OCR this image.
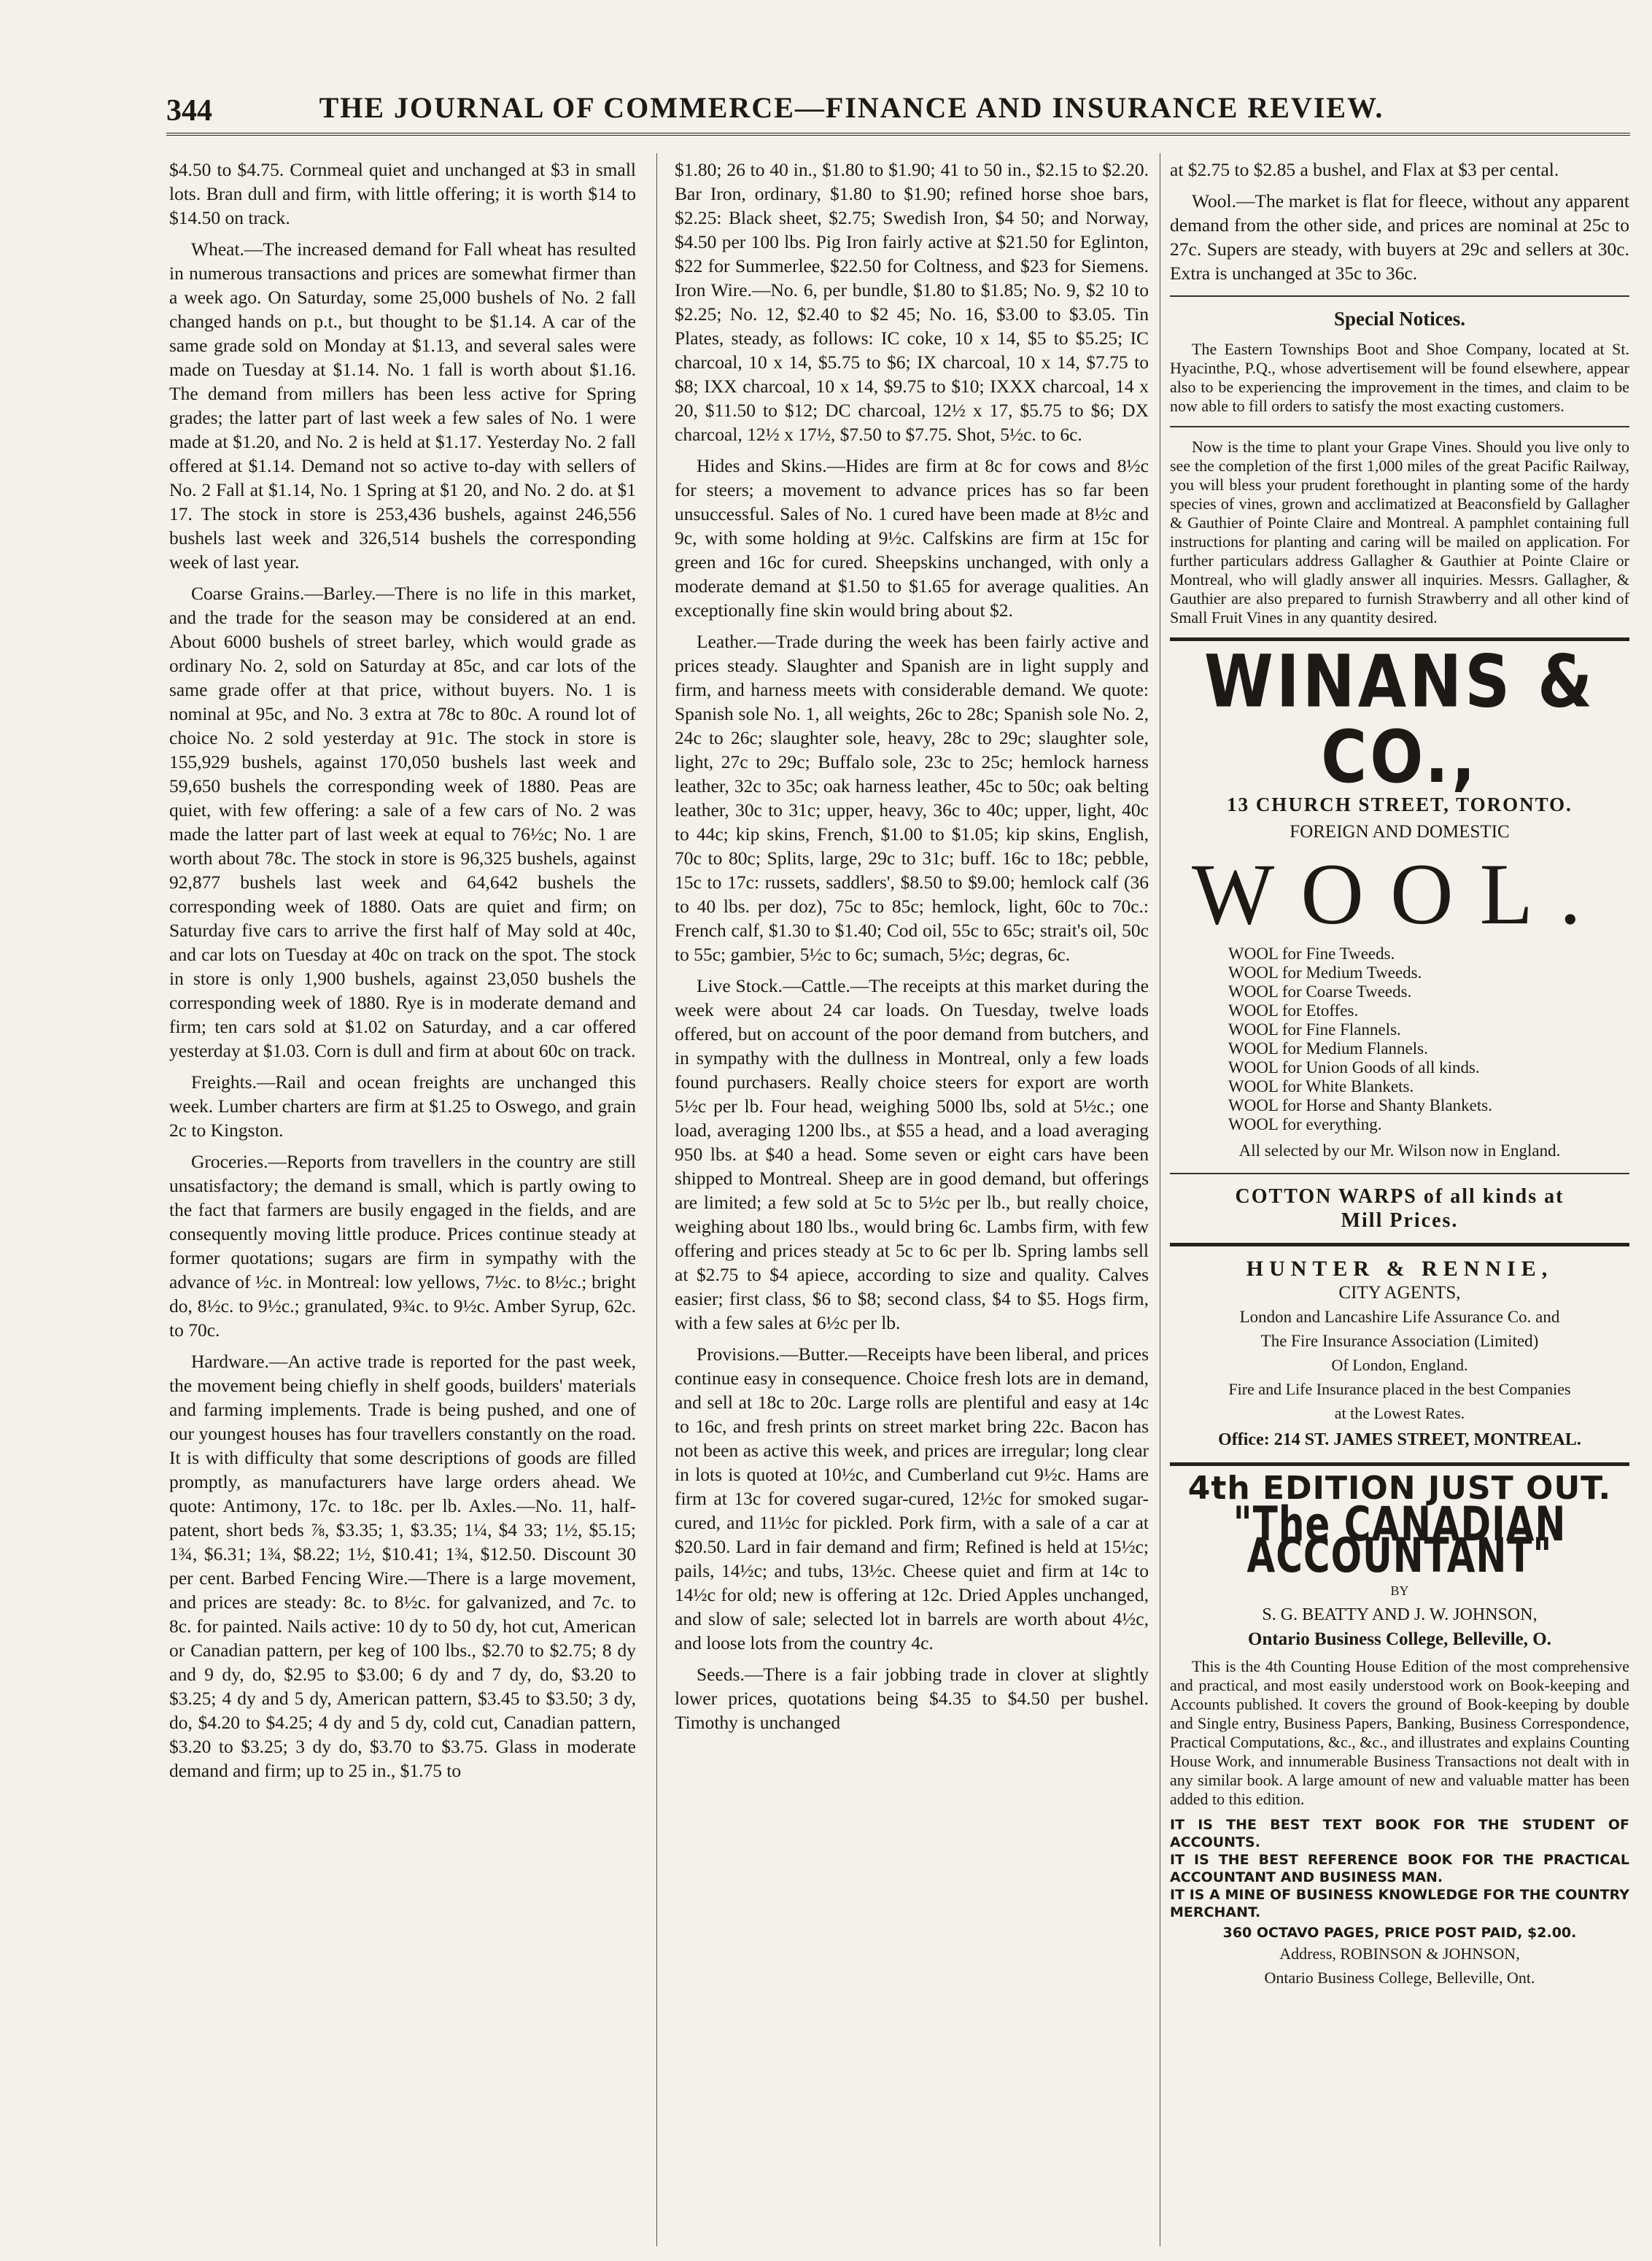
344	THE JOURNAL OF COMMERCE—FINANCE AND INSURANCE REVIEW.

$4.50 to $4.75. Cornmeal quiet and unchanged at $3 in small lots. Bran dull and firm, with little offering; it is worth $14 to $14.50 on track.

Wheat.—The increased demand for Fall wheat has resulted in numerous transactions and prices are somewhat firmer than a week ago. On Saturday, some 25,000 bushels of No. 2 fall changed hands on p.t., but thought to be $1.14. A car of the same grade sold on Monday at $1.13, and several sales were made on Tuesday at $1.14. No. 1 fall is worth about $1.16. The demand from millers has been less active for Spring grades; the latter part of last week a few sales of No. 1 were made at $1.20, and No. 2 is held at $1.17. Yesterday No. 2 fall offered at $1.14. Demand not so active to-day with sellers of No. 2 Fall at $1.14, No. 1 Spring at $1 20, and No. 2 do. at $1 17. The stock in store is 253,436 bushels, against 246,556 bushels last week and 326,514 bushels the corresponding week of last year.

Coarse Grains.—Barley.—There is no life in this market, and the trade for the season may be considered at an end. About 6000 bushels of street barley, which would grade as ordinary No. 2, sold on Saturday at 85c, and car lots of the same grade offer at that price, without buyers. No. 1 is nominal at 95c, and No. 3 extra at 78c to 80c. A round lot of choice No. 2 sold yesterday at 91c. The stock in store is 155,929 bushels, against 170,050 bushels last week and 59,650 bushels the corresponding week of 1880. Peas are quiet, with few offering: a sale of a few cars of No. 2 was made the latter part of last week at equal to 76½c; No. 1 are worth about 78c. The stock in store is 96,325 bushels, against 92,877 bushels last week and 64,642 bushels the corresponding week of 1880. Oats are quiet and firm; on Saturday five cars to arrive the first half of May sold at 40c, and car lots on Tuesday at 40c on track on the spot. The stock in store is only 1,900 bushels, against 23,050 bushels the corresponding week of 1880. Rye is in moderate demand and firm; ten cars sold at $1.02 on Saturday, and a car offered yesterday at $1.03. Corn is dull and firm at about 60c on track.

Freights.—Rail and ocean freights are unchanged this week. Lumber charters are firm at $1.25 to Oswego, and grain 2c to Kingston.

Groceries.—Reports from travellers in the country are still unsatisfactory; the demand is small, which is partly owing to the fact that farmers are busily engaged in the fields, and are consequently moving little produce. Prices continue steady at former quotations; sugars are firm in sympathy with the advance of ½c. in Montreal: low yellows, 7½c. to 8½c.; bright do, 8½c. to 9½c.; granulated, 9¾c. to 9½c. Amber Syrup, 62c. to 70c.

Hardware.—An active trade is reported for the past week, the movement being chiefly in shelf goods, builders' materials and farming implements. Trade is being pushed, and one of our youngest houses has four travellers constantly on the road. It is with difficulty that some descriptions of goods are filled promptly, as manufacturers have large orders ahead. We quote: Antimony, 17c. to 18c. per lb. Axles.—No. 11, half-patent, short beds ⅞, $3.35; 1, $3.35; 1¼, $4 33; 1½, $5.15; 1¾, $6.31; 1¾, $8.22; 1½, $10.41; 1¾, $12.50. Discount 30 per cent. Barbed Fencing Wire.—There is a large movement, and prices are steady: 8c. to 8½c. for galvanized, and 7c. to 8c. for painted. Nails active: 10 dy to 50 dy, hot cut, American or Canadian pattern, per keg of 100 lbs., $2.70 to $2.75; 8 dy and 9 dy, do, $2.95 to $3.00; 6 dy and 7 dy, do, $3.20 to $3.25; 4 dy and 5 dy, American pattern, $3.45 to $3.50; 3 dy, do, $4.20 to $4.25; 4 dy and 5 dy, cold cut, Canadian pattern, $3.20 to $3.25; 3 dy do, $3.70 to $3.75. Glass in moderate demand and firm; up to 25 in., $1.75 to

$1.80; 26 to 40 in., $1.80 to $1.90; 41 to 50 in., $2.15 to $2.20. Bar Iron, ordinary, $1.80 to $1.90; refined horse shoe bars, $2.25: Black sheet, $2.75; Swedish Iron, $4 50; and Norway, $4.50 per 100 lbs. Pig Iron fairly active at $21.50 for Eglinton, $22 for Summerlee, $22.50 for Coltness, and $23 for Siemens. Iron Wire.—No. 6, per bundle, $1.80 to $1.85; No. 9, $2 10 to $2.25; No. 12, $2.40 to $2 45; No. 16, $3.00 to $3.05. Tin Plates, steady, as follows: IC coke, 10 x 14, $5 to $5.25; IC charcoal, 10 x 14, $5.75 to $6; IX charcoal, 10 x 14, $7.75 to $8; IXX charcoal, 10 x 14, $9.75 to $10; IXXX charcoal, 14 x 20, $11.50 to $12; DC charcoal, 12½ x 17, $5.75 to $6; DX charcoal, 12½ x 17½, $7.50 to $7.75. Shot, 5½c. to 6c.

Hides and Skins.—Hides are firm at 8c for cows and 8½c for steers; a movement to advance prices has so far been unsuccessful. Sales of No. 1 cured have been made at 8½c and 9c, with some holding at 9½c. Calfskins are firm at 15c for green and 16c for cured. Sheepskins unchanged, with only a moderate demand at $1.50 to $1.65 for average qualities. An exceptionally fine skin would bring about $2.

Leather.—Trade during the week has been fairly active and prices steady. Slaughter and Spanish are in light supply and firm, and harness meets with considerable demand. We quote: Spanish sole No. 1, all weights, 26c to 28c; Spanish sole No. 2, 24c to 26c; slaughter sole, heavy, 28c to 29c; slaughter sole, light, 27c to 29c; Buffalo sole, 23c to 25c; hemlock harness leather, 32c to 35c; oak harness leather, 45c to 50c; oak belting leather, 30c to 31c; upper, heavy, 36c to 40c; upper, light, 40c to 44c; kip skins, French, $1.00 to $1.05; kip skins, English, 70c to 80c; Splits, large, 29c to 31c; buff. 16c to 18c; pebble, 15c to 17c: russets, saddlers', $8.50 to $9.00; hemlock calf (36 to 40 lbs. per doz), 75c to 85c; hemlock, light, 60c to 70c.: French calf, $1.30 to $1.40; Cod oil, 55c to 65c; strait's oil, 50c to 55c; gambier, 5½c to 6c; sumach, 5½c; degras, 6c.

Live Stock.—Cattle.—The receipts at this market during the week were about 24 car loads. On Tuesday, twelve loads offered, but on account of the poor demand from butchers, and in sympathy with the dullness in Montreal, only a few loads found purchasers. Really choice steers for export are worth 5½c per lb. Four head, weighing 5000 lbs, sold at 5½c.; one load, averaging 1200 lbs., at $55 a head, and a load averaging 950 lbs. at $40 a head. Some seven or eight cars have been shipped to Montreal. Sheep are in good demand, but offerings are limited; a few sold at 5c to 5½c per lb., but really choice, weighing about 180 lbs., would bring 6c. Lambs firm, with few offering and prices steady at 5c to 6c per lb. Spring lambs sell at $2.75 to $4 apiece, according to size and quality. Calves easier; first class, $6 to $8; second class, $4 to $5. Hogs firm, with a few sales at 6½c per lb.

Provisions.—Butter.—Receipts have been liberal, and prices continue easy in consequence. Choice fresh lots are in demand, and sell at 18c to 20c. Large rolls are plentiful and easy at 14c to 16c, and fresh prints on street market bring 22c. Bacon has not been as active this week, and prices are irregular; long clear in lots is quoted at 10½c, and Cumberland cut 9½c. Hams are firm at 13c for covered sugar-cured, 12½c for smoked sugar-cured, and 11½c for pickled. Pork firm, with a sale of a car at $20.50. Lard in fair demand and firm; Refined is held at 15½c; pails, 14½c; and tubs, 13½c. Cheese quiet and firm at 14c to 14½c for old; new is offering at 12c. Dried Apples unchanged, and slow of sale; selected lot in barrels are worth about 4½c, and loose lots from the country 4c.

Seeds.—There is a fair jobbing trade in clover at slightly lower prices, quotations being $4.35 to $4.50 per bushel. Timothy is unchanged

at $2.75 to $2.85 a bushel, and Flax at $3 per cental.

Wool.—The market is flat for fleece, without any apparent demand from the other side, and prices are nominal at 25c to 27c. Supers are steady, with buyers at 29c and sellers at 30c. Extra is unchanged at 35c to 36c.

Special Notices.

The Eastern Townships Boot and Shoe Company, located at St. Hyacinthe, P.Q., whose advertisement will be found elsewhere, appear also to be experiencing the improvement in the times, and claim to be now able to fill orders to satisfy the most exacting customers.

Now is the time to plant your Grape Vines. Should you live only to see the completion of the first 1,000 miles of the great Pacific Railway, you will bless your prudent forethought in planting some of the hardy species of vines, grown and acclimatized at Beaconsfield by Gallagher & Gauthier of Pointe Claire and Montreal. A pamphlet containing full instructions for planting and caring will be mailed on application. For further particulars address Gallagher & Gauthier at Pointe Claire or Montreal, who will gladly answer all inquiries. Messrs. Gallagher, & Gauthier are also prepared to furnish Strawberry and all other kind of Small Fruit Vines in any quantity desired.

WINANS & CO.,
13 CHURCH STREET, TORONTO.
FOREIGN AND DOMESTIC
WOOL.
WOOL for Fine Tweeds.
WOOL for Medium Tweeds.
WOOL for Coarse Tweeds.
WOOL for Etoffes.
WOOL for Fine Flannels.
WOOL for Medium Flannels.
WOOL for Union Goods of all kinds.
WOOL for White Blankets.
WOOL for Horse and Shanty Blankets.
WOOL for everything.
All selected by our Mr. Wilson now in England.
COTTON WARPS of all kinds at
Mill Prices.
HUNTER & RENNIE,
CITY AGENTS,
London and Lancashire Life Assurance Co. and
The Fire Insurance Association (Limited)
Of London, England.
Fire and Life Insurance placed in the best Companies
at the Lowest Rates.
Office: 214 ST. JAMES STREET, MONTREAL.
4th EDITION JUST OUT.
"The CANADIAN ACCOUNTANT"
BY
S. G. BEATTY AND J. W. JOHNSON,
Ontario Business College, Belleville, O.

This is the 4th Counting House Edition of the most comprehensive and practical, and most easily understood work on Book-keeping and Accounts published. It covers the ground of Book-keeping by double and Single entry, Business Papers, Banking, Business Correspondence, Practical Computations, &c., &c., and illustrates and explains Counting House Work, and innumerable Business Transactions not dealt with in any similar book. A large amount of new and valuable matter has been added to this edition.

IT IS THE BEST TEXT BOOK FOR THE STUDENT OF ACCOUNTS.
IT IS THE BEST REFERENCE BOOK FOR THE PRACTICAL ACCOUNTANT AND BUSINESS MAN.
IT IS A MINE OF BUSINESS KNOWLEDGE FOR THE COUNTRY MERCHANT.
360 OCTAVO PAGES, PRICE POST PAID, $2.00.
Address, ROBINSON & JOHNSON,
Ontario Business College, Belleville, Ont.
